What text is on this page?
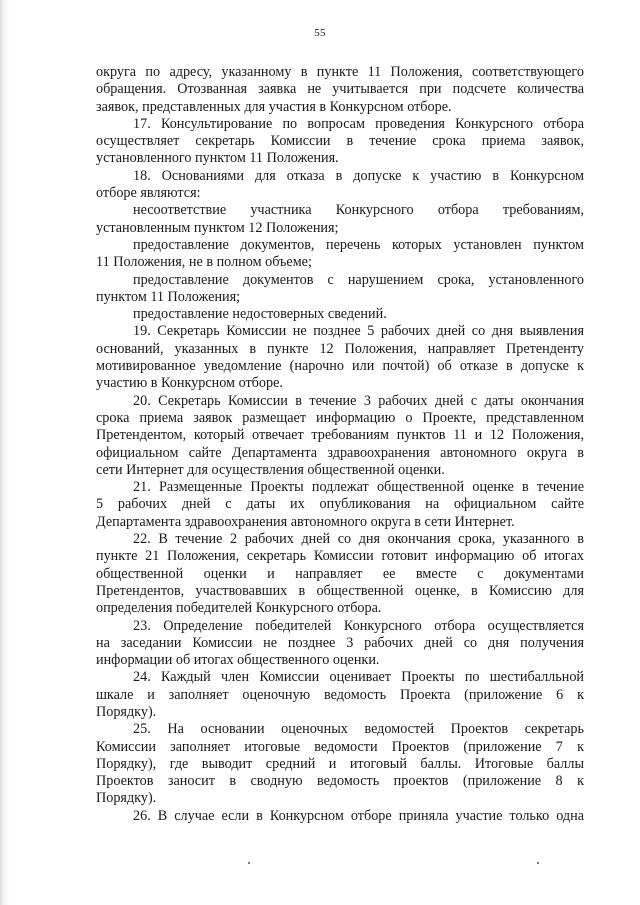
55
округа по адресу, указанному в пункте 11 Положения, соответствующего
обращения. Отозванная заявка не учитывается при подсчете количества
заявок, представленных для участия в Конкурсном отборе.
17. Консультирование по вопросам проведения Конкурсного отбора
осуществляет секретарь Комиссии в течение срока приема заявок,
установленного пунктом 11 Положения.
18. Основаниями для отказа в допуске к участию в Конкурсном
отборе являются:
несоответствие участника Конкурсного отбора требованиям,
установленным пунктом 12 Положения;
предоставление документов, перечень которых установлен пунктом
11 Положения, не в полном объеме;
предоставление документов с нарушением срока, установленного
пунктом 11 Положения;
предоставление недостоверных сведений.
19. Секретарь Комиссии не позднее 5 рабочих дней со дня выявления
оснований, указанных в пункте 12 Положения, направляет Претенденту
мотивированное уведомление (нарочно или почтой) об отказе в допуске к
участию в Конкурсном отборе.
20. Секретарь Комиссии в течение 3 рабочих дней с даты окончания
срока приема заявок размещает информацию о Проекте, представленном
Претендентом, который отвечает требованиям пунктов 11 и 12 Положения,
официальном сайте Департамента здравоохранения автономного округа в
сети Интернет для осуществления общественной оценки.
21. Размещенные Проекты подлежат общественной оценке в течение
5 рабочих дней с даты их опубликования на официальном сайте
Департамента здравоохранения автономного округа в сети Интернет.
22. В течение 2 рабочих дней со дня окончания срока, указанного в
пункте 21 Положения, секретарь Комиссии готовит информацию об итогах
общественной оценки и направляет ее вместе с документами
Претендентов, участвовавших в общественной оценке, в Комиссию для
определения победителей Конкурсного отбора.
23. Определение победителей Конкурсного отбора осуществляется
на заседании Комиссии не позднее 3 рабочих дней со дня получения
информации об итогах общественного оценки.
24. Каждый член Комиссии оценивает Проекты по шестибалльной
шкале и заполняет оценочную ведомость Проекта (приложение 6 к
Порядку).
25. На основании оценочных ведомостей Проектов секретарь
Комиссии заполняет итоговые ведомости Проектов (приложение 7 к
Порядку), где выводит средний и итоговый баллы. Итоговые баллы
Проектов заносит в сводную ведомость проектов (приложение 8 к
Порядку).
26. В случае если в Конкурсном отборе приняла участие только одна
